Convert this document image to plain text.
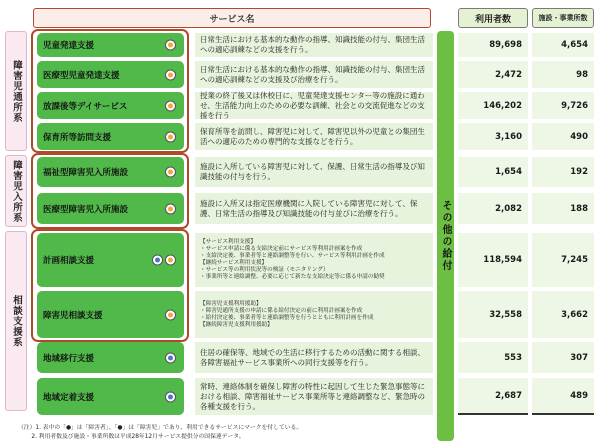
サービス名	利用者数	施設・事業所数
障害児通所系
障害児入所系
相談支援系
児童発達支援
日常生活における基本的な動作の指導、知識技能の付与、集団生活への適応訓練などの支援を行う。	89,698	4,654
医療型児童発達支援
日常生活における基本的な動作の指導、知識技能の付与、集団生活への適応訓練などの支援及び治療を行う。	2,472	98
放課後等デイサービス
授業の終了後又は休校日に、児童発達支援センター等の施設に通わせ、生活能力向上のための必要な訓練、社会との交流促進などの支援を行う
146,202	9,726
保育所等訪問支援
保育所等を訪問し、障害児に対して、障害児以外の児童との集団生活への適応のための専門的な支援などを行う。	3,160	490
福祉型障害児入所施設
施設に入所している障害児に対して、保護、日常生活の指導及び知識技能の付与を行う。	1,654	192
医療型障害児入所施設
施設に入所又は指定医療機関に入院している障害児に対して、保護、日常生活の指導及び知識技能の付与並びに治療を行う。	2,082	188
計画相談支援
【サービス利用支援】
・サービス申請に係る支給決定前にサービス等利用計画案を作成
・支給決定後、事業者等と連絡調整等を行い、サービス等利用計画を作成
【継続サービス利用支援】
・サービス等の利用状況等の検証（モニタリング）
・事業所等と連絡調整、必要に応じて新たな支給決定等に係る申請の勧奨
118,594	7,245
障害児相談支援
【障害児支援利用援助】
・障害児通所支援の申請に係る給付決定の前に利用計画案を作成
・給付決定後、事業者等と連絡調整等を行うとともに利用計画を作成
【継続障害児支援利用援助】
32,558	3,662
地域移行支援
住居の確保等、地域での生活に移行するための活動に関する相談、各障害福祉サービス事業所への同行支援等を行う。	553	307
地域定着支援
常時、連絡体制を確保し障害の特性に起因して生じた緊急事態等における相談、障害福祉サービス事業所等と連絡調整など、緊急時の各種支援を行う。
2,687	489
その他の給付
（注）1. 表中の「●」は「障害者」、「●」は「障害児」であり、利用できるサービスにマークを付している。
　　 2. 利用者数及び施設・事業所数は平成28年12月サービス提供分の国保連データ。
